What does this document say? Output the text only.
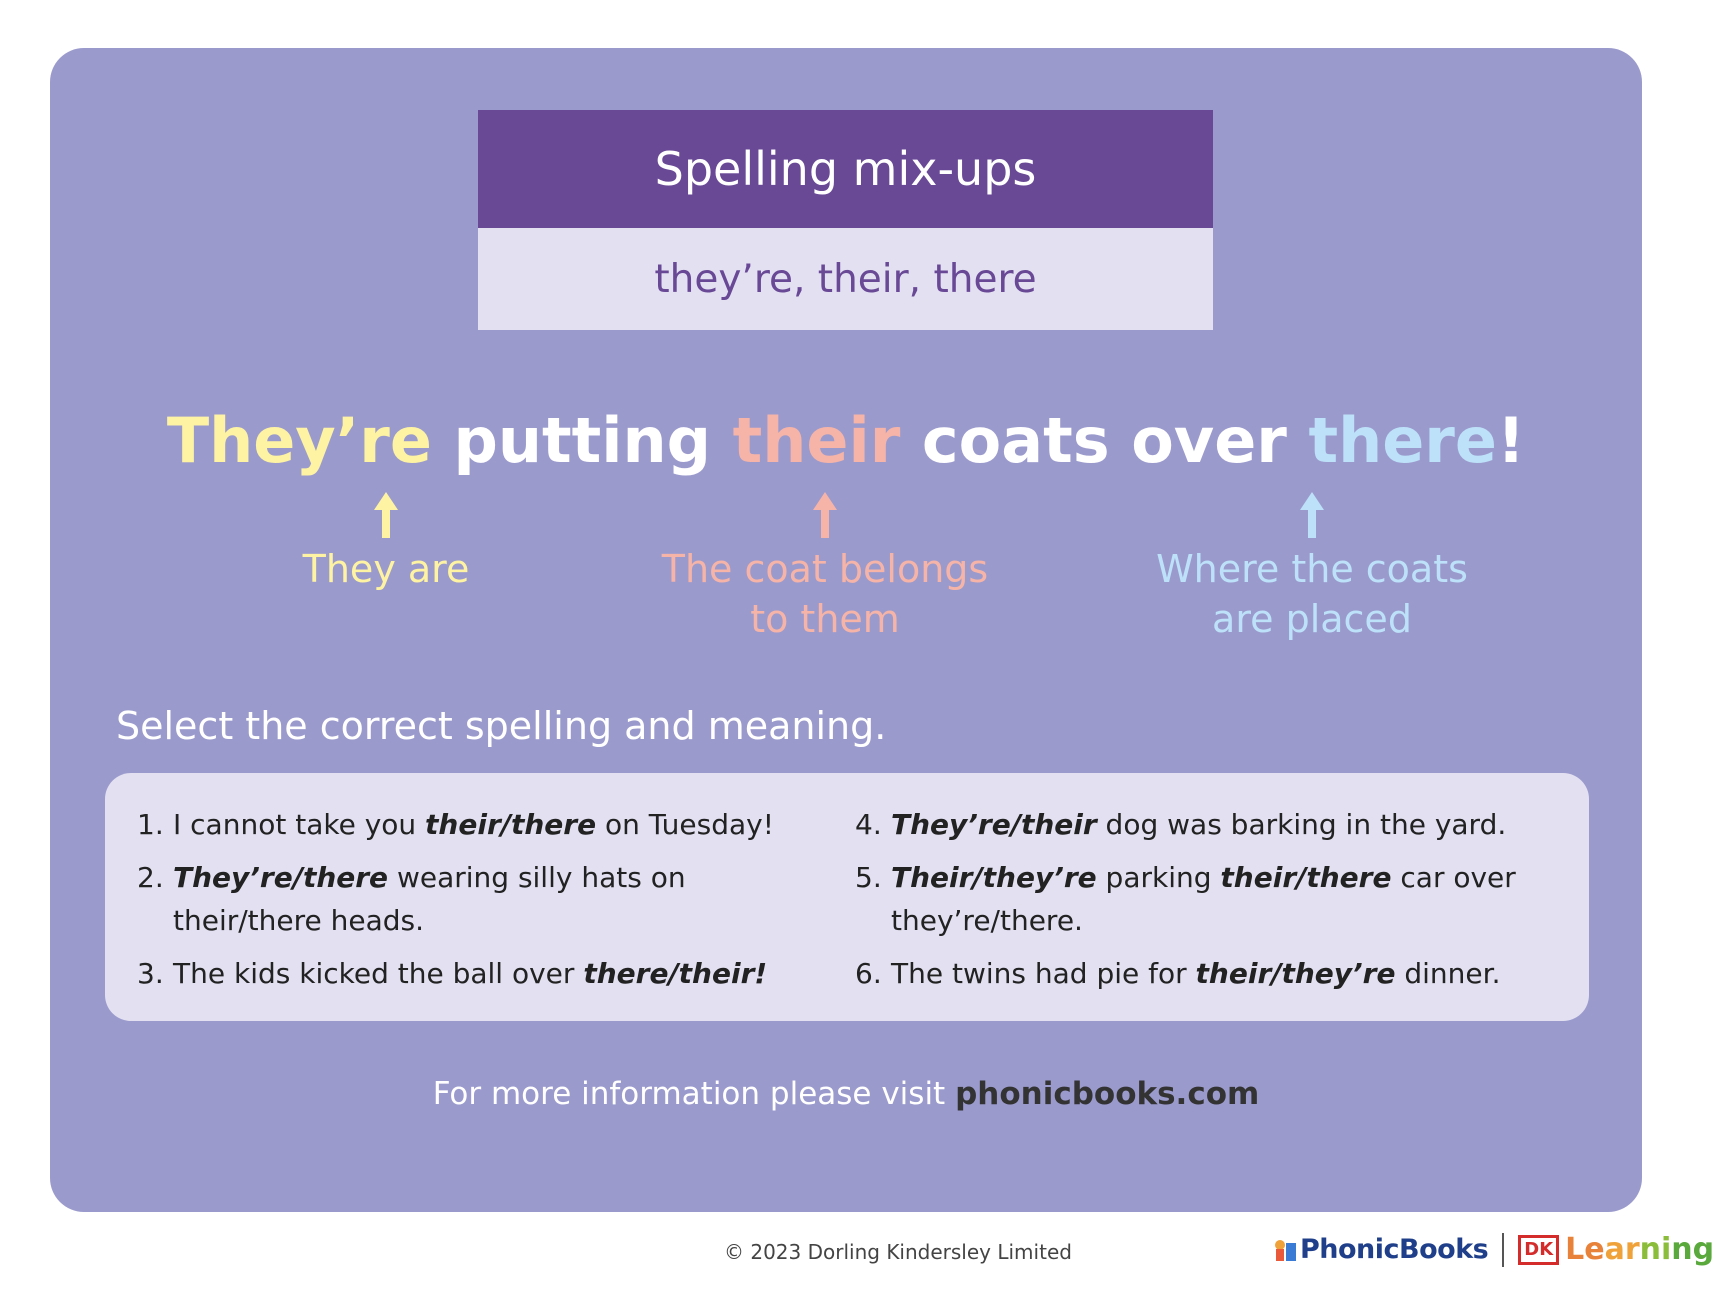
Spelling mix-ups
they’re, their, there
They’re putting their coats over there!
They are	The coat belongs
to them
Where the coats
are placed
Select the correct spelling and meaning.
1. I cannot take you their/there on Tuesday!
2. They’re/there wearing silly hats on their/there heads.
3. The kids kicked the ball over there/their!
4. They’re/their dog was barking in the yard.
5. Their/they’re parking their/there car over they’re/there.
6. The twins had pie for their/they’re dinner.
For more information please visit phonicbooks.com
© 2023 Dorling Kindersley Limited	PhonicBooks	DK Learning
